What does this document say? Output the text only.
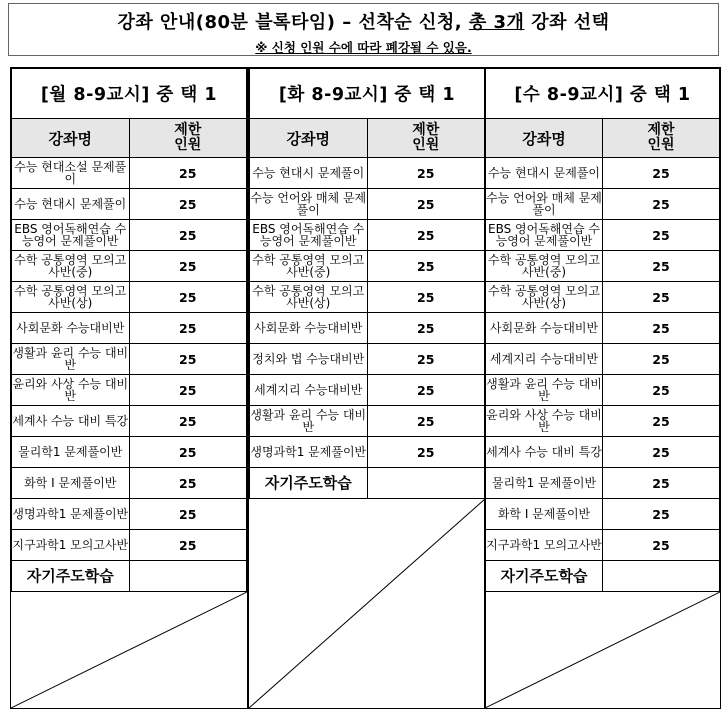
강좌 안내(80분 블록타임) – 선착순 신청, 총 3개 강좌 선택
※ 신청 인원 수에 따라 폐강될 수 있음.
[월 8-9교시] 중 택 1	
강좌명	제한
인원
수능 현대소설 문제풀이	25
수능 현대시 문제풀이	25
EBS 영어독해연습 수능영어 문제풀이반	25
수학 공통영역 모의고사반(중)	25
수학 공통영역 모의고사반(상)	25
사회문화 수능대비반	25
생활과 윤리 수능 대비반	25
윤리와 사상 수능 대비반	25
세계사 수능 대비 특강	25
물리학1 문제풀이반	25
화학 I 문제풀이반	25
생명과학1 문제풀이반	25
지구과학1 모의고사반	25
자기주도학습	
[화 8-9교시] 중 택 1	
강좌명	제한
인원
수능 현대시 문제풀이	25
수능 언어와 매체 문제풀이	25
EBS 영어독해연습 수능영어 문제풀이반	25
수학 공통영역 모의고사반(중)	25
수학 공통영역 모의고사반(상)	25
사회문화 수능대비반	25
정치와 법 수능대비반	25
세계지리 수능대비반	25
생활과 윤리 수능 대비반	25
생명과학1 문제풀이반	25
자기주도학습	
[수 8-9교시] 중 택 1	
강좌명	제한
인원
수능 현대시 문제풀이	25
수능 언어와 매체 문제풀이	25
EBS 영어독해연습 수능영어 문제풀이반	25
수학 공통영역 모의고사반(중)	25
수학 공통영역 모의고사반(상)	25
사회문화 수능대비반	25
세계지리 수능대비반	25
생활과 윤리 수능 대비반	25
윤리와 사상 수능 대비반	25
세계사 수능 대비 특강	25
물리학1 문제풀이반	25
화학 I 문제풀이반	25
지구과학1 모의고사반	25
자기주도학습	
